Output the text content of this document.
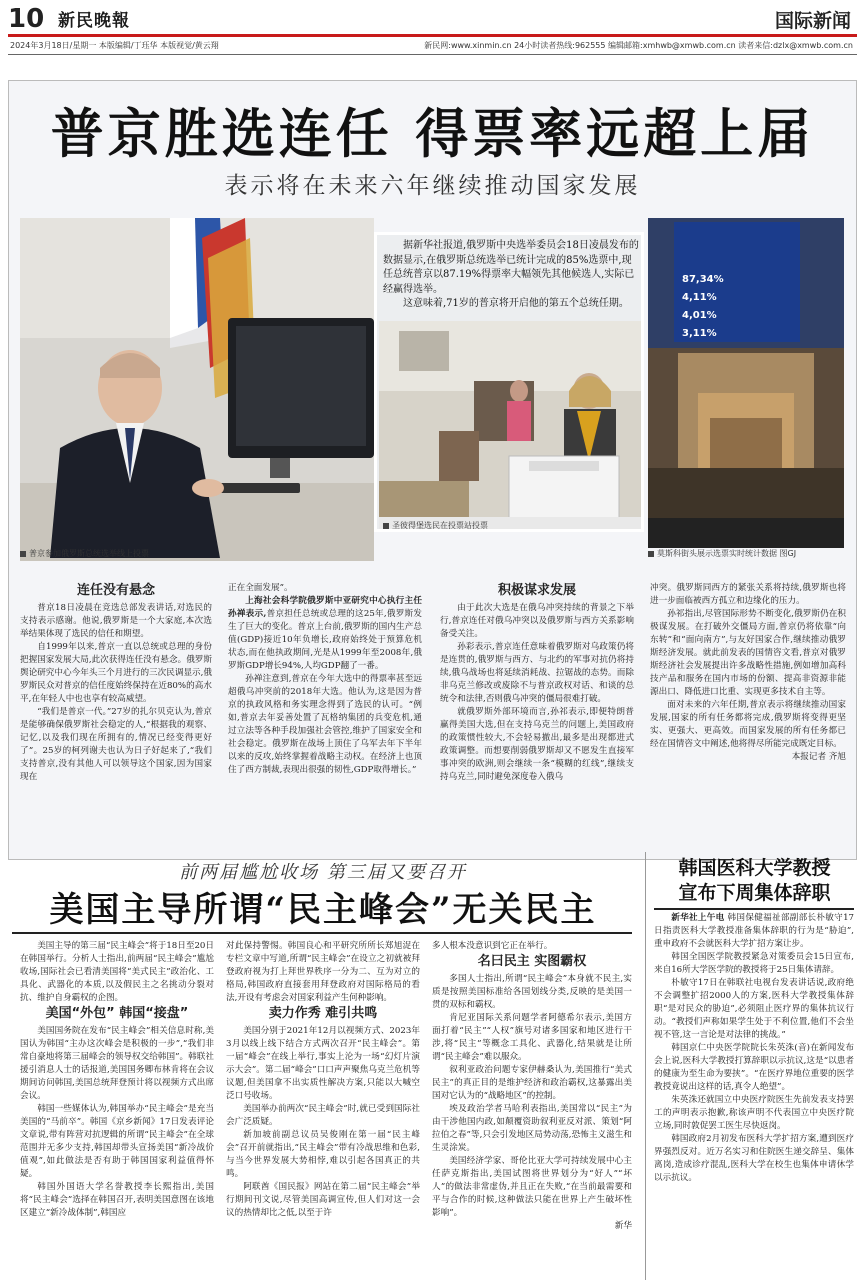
10 新民晚報	国际新闻
2024年3月18日/星期一 本版编辑/丁珏华 本版视觉/黄云翔	新民网:www.xinmin.cn 24小时读者热线:962555 编辑邮箱:xmhwb@xmwb.com.cn 读者来信:dzlx@xmwb.com.cn
普京胜选连任 得票率远超上届
表示将在未来六年继续推动国家发展
普京参加俄罗斯总统选举线上投票

据新华社报道,俄罗斯中央选举委员会18日凌晨发布的数据显示,在俄罗斯总统选举已统计完成的85%选票中,现任总统普京以87.19%得票率大幅领先其他候选人,实际已经赢得选举。

这意味着,71岁的普京将开启他的第五个总统任期。

圣彼得堡选民在投票站投票
87,34%
4,11%
4,01%
3,11%
莫斯科街头展示选票实时统计数据 图GJ
连任没有悬念

普京18日凌晨在竞选总部发表讲话,对选民的支持表示感谢。他说,俄罗斯是一个大家庭,本次选举结果体现了选民的信任和期望。

自1999年以来,普京一直以总统或总理的身份把握国家发展大局,此次获得连任没有悬念。俄罗斯舆论研究中心今年头三个月进行的三次民调显示,俄罗斯民众对普京的信任度始终保持在近80%的高水平,在年轻人中也也享有较高威望。

“我们是普京一代。”27岁的扎尔贝克认为,普京是能够确保俄罗斯社会稳定的人,“根据我的观察、记忆,以及我们现在所拥有的,情况已经变得更好了”。25岁的柯列谢夫也认为日子好起来了,“我们支持普京,没有其他人可以领导这个国家,因为国家现在

正在全面发展”。

上海社会科学院俄罗斯中亚研究中心执行主任孙禅表示,普京担任总统或总理的这25年,俄罗斯发生了巨大的变化。普京上台前,俄罗斯的国内生产总值(GDP)接近10年负增长,政府始终处于预算危机状态,而在他执政期间,光是从1999年至2008年,俄罗斯GDP增长94%,人均GDP翻了一番。

孙禅注意到,普京在今年大选中的得票率甚至远超俄乌冲突前的2018年大选。他认为,这是因为普京的执政风格和务实理念得到了选民的认可。“例如,普京去年妥善处置了瓦格纳集团的兵变危机,通过立法等各种手段加强社会管控,维护了国家安全和社会稳定。俄罗斯在战场上顶住了乌军去年下半年以来的反攻,始终掌握着战略主动权。在经济上也顶住了西方制裁,表现出很强的韧性,GDP取得增长。”

积极谋求发展

由于此次大选是在俄乌冲突持续的背景之下举行,普京连任对俄乌冲突以及俄罗斯与西方关系影响备受关注。

孙彩表示,普京连任意味着俄罗斯对乌政策仍将是连贯的,俄罗斯与西方、与北约的军事对抗仍将持续,俄乌战场也将延续消耗战、拉锯战的态势。而除非乌克兰修改或废除不与普京政权对话、和谈的总统令和法律,否则俄乌冲突的僵局很难打破。

就俄罗斯外部环境而言,孙祁表示,即便特朗普赢得美国大选,但在支持乌克兰的问题上,美国政府的政策惯性较大,不会轻易撤出,最多是出现都进式政策调整。而想要削弱俄罗斯却又不愿发生直接军事冲突的欧洲,则会继续一条“模糊的红线”,继续支持乌克兰,同时避免深度卷入俄乌

冲突。俄罗斯同西方的紧张关系将持续,俄罗斯也将进一步面临被西方孤立和边缘化的压力。

孙祁指出,尽管国际形势不断变化,俄罗斯仍在积极谋发展。在打破外交僵局方面,普京仍将依靠“向东转”和“面向南方”,与友好国家合作,继续推动俄罗斯经济发展。就此前发表的国情咨文看,普京对俄罗斯经济社会发展提出许多战略性措施,例如增加高科技产品和服务在国内市场的份额、提高非资源非能源出口、降低进口比重、实现更多技术自主等。

面对未来的六年任期,普京表示将继续推动国家发展,国家的所有任务都将完成,俄罗斯将变得更坚实、更强大、更高效。而国家发展的所有任务都已经在国情咨文中阐述,他将得尽所能完成既定目标。

本报记者 齐旭

前两届尴尬收场 第三届又要召开
美国主导所谓“民主峰会”无关民主

美国主导的第三届“民主峰会”将于18日至20日在韩国举行。分析人士指出,前两届“民主峰会”尴尬收场,国际社会已看清美国将“美式民主”政治化、工具化、武器化的本质,以及假民主之名挑动分裂对抗、维护自身霸权的企图。

美国“外包” 韩国“接盘”

美国国务院在发布“民主峰会”相关信息时称,美国认为韩国“主办这次峰会是积极的一步”,“我们非常自豪地将第三届峰会的领导权交给韩国”。韩联社援引消息人士的话报道,美国国务卿布林肯将在会议期间访问韩国,美国总统拜登预计将以视频方式出席会议。

韩国一些媒体认为,韩国举办“民主峰会”是充当美国的“马前卒”。韩国《京乡新闻》17日发表评论文章说,带有阵营对抗逻辑的所谓“民主峰会”在全球范围并无多少支持,韩国却带头宣扬美国“新冷战价值观”,如此做法是否有助于韩国国家利益值得怀疑。

韩国外国语大学名誉教授李长熙指出,美国将“民主峰会”选择在韩国召开,表明美国意图在该地区建立“新冷战体制”,韩国应

对此保持警惕。韩国良心和平研究所所长郑旭浞在专栏文章中写道,所谓“民主峰会”在设立之初就被拜登政府视为打上拜世界秩序一分为二、互为对立的格局,韩国政府直接套用拜登政府对国际格局的看法,开设有考虑会对国家利益产生何种影响。

卖力作秀 难引共鸣

美国分别于2021年12月以视频方式、2023年3月以线上线下结合方式两次召开“民主峰会”。第一届“峰会”在线上举行,事实上沦为一场“幻灯片演示大会”。第二届“峰会”口口声声聚焦乌克兰危机等议题,但美国拿不出实质性解决方案,只能以大喊空泛口号收场。

美国举办前两次“民主峰会”时,就已受到国际社会广泛质疑。

新加坡前副总议员吴俊刚在第一届“民主峰会”召开前就指出,“民主峰会”带有冷战思维和色彩,与当今世界发展大势相悖,难以引起各国真正的共鸣。

阿联酋《国民报》网站在第二届“民主峰会”举行期间刊文说,尽管美国高调宣传,但人们对这一会议的热情却比之低,以至于许

多人根本没意识到它正在举行。

名曰民主 实图霸权

多国人士指出,所谓“民主峰会”本身就不民主,实质是按照美国标准给各国划线分类,反映的是美国一贯的双标和霸权。

肯尼亚国际关系问题学者阿德希尔表示,美国方面打着“民主”“人权”旗号对诸多国家和地区进行干涉,将“民主”等概念工具化、武器化,结果就是让所谓“民主峰会”难以服众。

叙利亚政治问题专家伊赫桑认为,美国推行“美式民主”的真正目的是维护经济和政治霸权,这暴露出美国对它认为的“战略地区”的控制。

埃及政治学者马哈利表指出,美国常以“民主”为由干涉他国内政,如颠覆资助叙利亚反对派、策划“阿拉伯之春”等,只会引发地区局势动荡,恐怖主义滋生和生灵涂炭。

美国经济学家、哥伦比亚大学可持续发展中心主任萨克斯指出,美国试图将世界划分为“好人”“坏人”的做法非常虚伪,并且正在失败,“在当前最需要和平与合作的时候,这种做法只能在世界上产生破坏性影响”。

新华

韩国医科大学教授
宣布下周集体辞职

新华社上午电 韩国保健福祉部副部长朴敏守17日指责医科大学教授准备集体辞职的行为是“胁迫”,重申政府不会就医科大学扩招方案让步。

韩国全国医学院教授紧急对策委员会15日宣布,来自16所大学医学院的教授将于25日集体请辞。

朴敏守17日在韩联社电视台发表讲话说,政府绝不会调整扩招2000人的方案,医科大学教授集体辞职“是对民众的胁迫”,必须阻止医疗界的集体抗议行动。“教授们声称如果学生处于不利位置,他们不会坐视不管,这一言论是对法律的挑战。”

韩国京仁中央医学院院长朱英洙(音)在新闻发布会上说,医科大学教授打算辞职以示抗议,这是“以患者的健康为至生命为要挟”。“在医疗界地位重要的医学教授竟说出这样的话,真令人绝望”。

朱英洙还就国立中央医疗院医生先前发表支持罢工的声明表示抱歉,称该声明不代表国立中央医疗院立场,同时敦促罢工医生尽快返岗。

韩国政府2月初发布医科大学扩招方案,遭到医疗界强烈反对。近万名实习和住院医生递交辞呈、集体离岗,造成诊疗混乱,医科大学在校生也集体申请休学以示抗议。
